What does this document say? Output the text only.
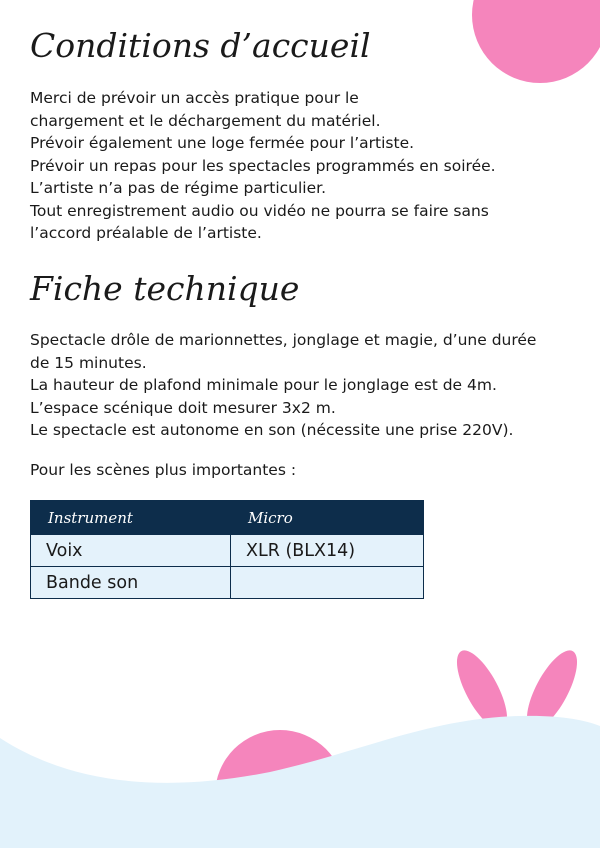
Conditions d’accueil
Merci de prévoir un accès pratique pour le
chargement et le déchargement du matériel.
Prévoir également une loge fermée pour l’artiste.
Prévoir un repas pour les spectacles programmés en soirée.
L’artiste n’a pas de régime particulier.
Tout enregistrement audio ou vidéo ne pourra se faire sans
l’accord préalable de l’artiste.
Fiche technique
Spectacle drôle de marionnettes, jonglage et magie, d’une durée
de 15 minutes.
La hauteur de plafond minimale pour le jonglage est de 4m.
L’espace scénique doit mesurer 3x2 m.
Le spectacle est autonome en son (nécessite une prise 220V).

Pour les scènes plus importantes :

Instrument	Micro
Voix	XLR (BLX14)
Bande son	
